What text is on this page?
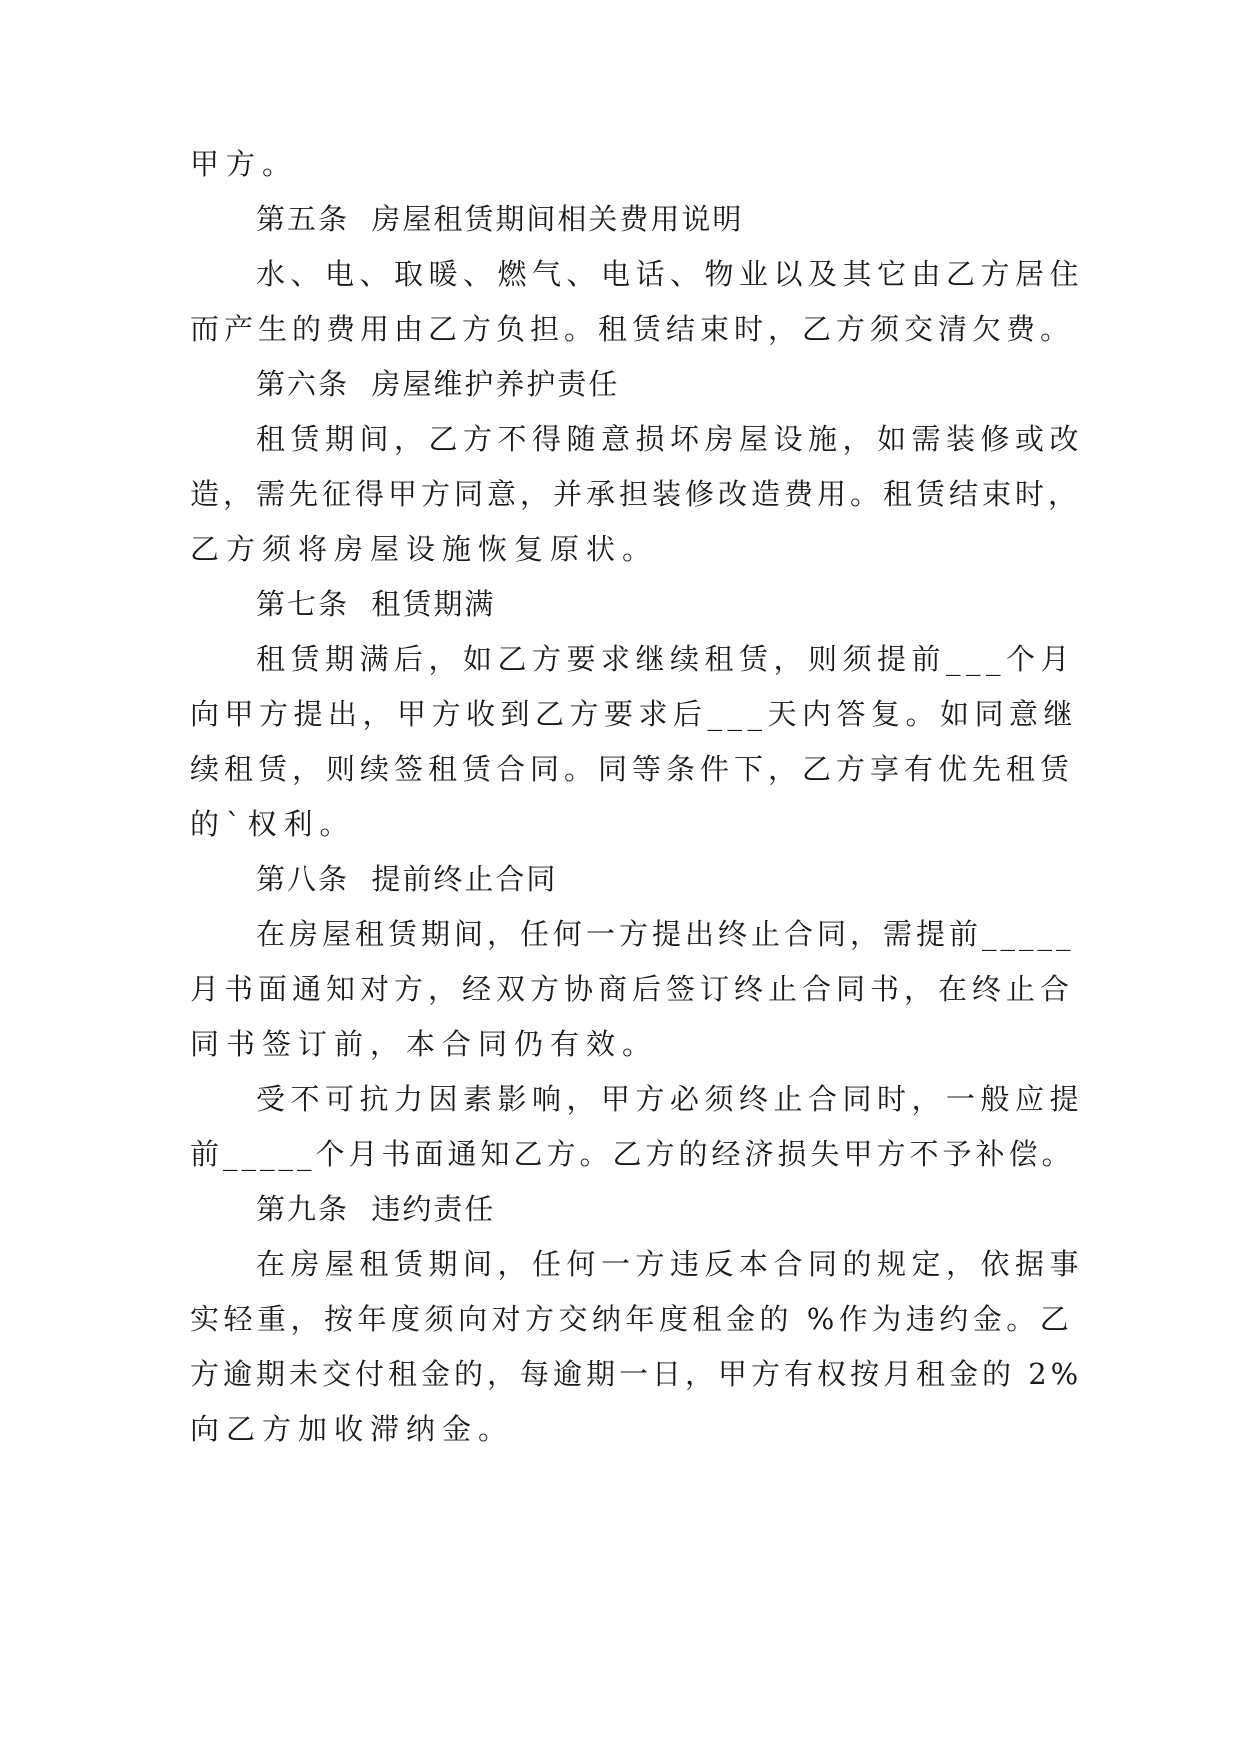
甲方。
第五条  房屋租赁期间相关费用说明
水、电、取暖、燃气、电话、物业以及其它由乙方居住
而产生的费用由乙方负担。租赁结束时，乙方须交清欠费。
第六条  房屋维护养护责任
租赁期间，乙方不得随意损坏房屋设施，如需装修或改
造，需先征得甲方同意，并承担装修改造费用。租赁结束时，
乙方须将房屋设施恢复原状。
第七条  租赁期满
租赁期满后，如乙方要求继续租赁，则须提前___个月
向甲方提出，甲方收到乙方要求后___天内答复。如同意继
续租赁，则续签租赁合同。同等条件下，乙方享有优先租赁
的`权利。
第八条  提前终止合同
在房屋租赁期间，任何一方提出终止合同，需提前_____
月书面通知对方，经双方协商后签订终止合同书，在终止合
同书签订前，本合同仍有效。
受不可抗力因素影响，甲方必须终止合同时，一般应提
前_____个月书面通知乙方。乙方的经济损失甲方不予补偿。
第九条  违约责任
在房屋租赁期间，任何一方违反本合同的规定，依据事
实轻重，按年度须向对方交纳年度租金的 %作为违约金。乙
方逾期未交付租金的，每逾期一日，甲方有权按月租金的 2%
向乙方加收滞纳金。
